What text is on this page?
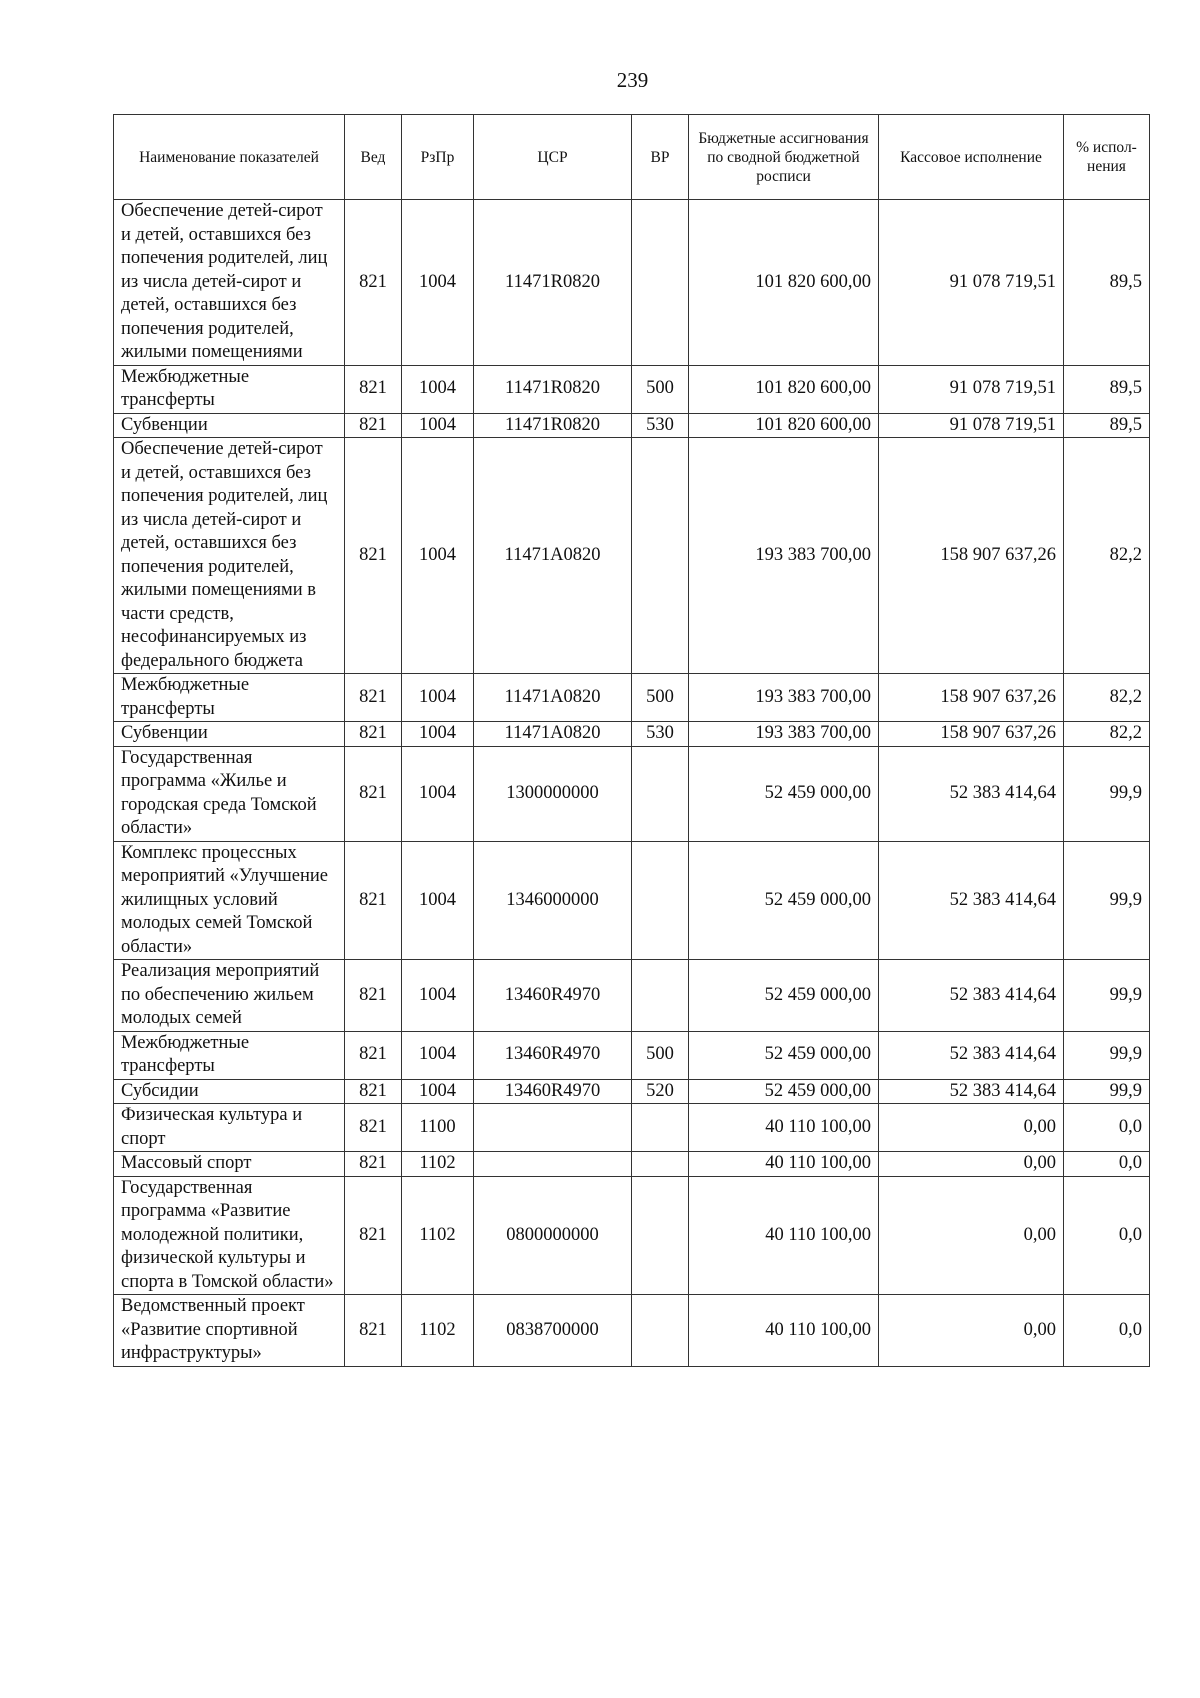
239
Наименование показателей	Вед	РзПр	ЦСР	ВР	Бюджетные ассигнования по сводной бюджетной росписи	Кассовое исполнение	% испол-нения
Обеспечение детей-сирот и детей, оставшихся без попечения родителей, лиц из числа детей-сирот и детей, оставшихся без попечения родителей, жилыми помещениями	821	1004	11471R0820		101 820 600,00	91 078 719,51	89,5
Межбюджетные трансферты	821	1004	11471R0820	500	101 820 600,00	91 078 719,51	89,5
Субвенции	821	1004	11471R0820	530	101 820 600,00	91 078 719,51	89,5
Обеспечение детей-сирот и детей, оставшихся без попечения родителей, лиц из числа детей-сирот и детей, оставшихся без попечения родителей, жилыми помещениями в части средств, несофинансируемых из федерального бюджета	821	1004	11471A0820		193 383 700,00	158 907 637,26	82,2
Межбюджетные трансферты	821	1004	11471A0820	500	193 383 700,00	158 907 637,26	82,2
Субвенции	821	1004	11471A0820	530	193 383 700,00	158 907 637,26	82,2
Государственная программа «Жилье и городская среда Томской области»	821	1004	1300000000		52 459 000,00	52 383 414,64	99,9
Комплекс процессных мероприятий «Улучшение жилищных условий молодых семей Томской области»	821	1004	1346000000		52 459 000,00	52 383 414,64	99,9
Реализация мероприятий по обеспечению жильем молодых семей	821	1004	13460R4970		52 459 000,00	52 383 414,64	99,9
Межбюджетные трансферты	821	1004	13460R4970	500	52 459 000,00	52 383 414,64	99,9
Субсидии	821	1004	13460R4970	520	52 459 000,00	52 383 414,64	99,9
Физическая культура и спорт	821	1100			40 110 100,00	0,00	0,0
Массовый спорт	821	1102			40 110 100,00	0,00	0,0
Государственная программа «Развитие молодежной политики, физической культуры и спорта в Томской области»	821	1102	0800000000		40 110 100,00	0,00	0,0
Ведомственный проект «Развитие спортивной инфраструктуры»	821	1102	0838700000		40 110 100,00	0,00	0,0
